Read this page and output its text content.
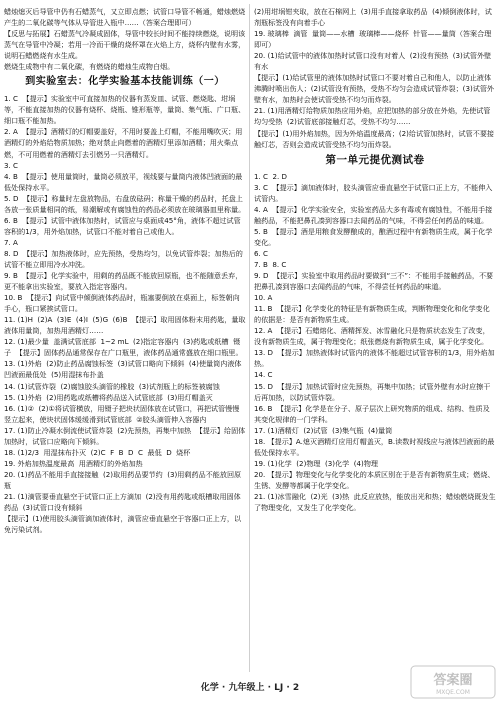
蜡烛熄灭后导管中仍有石蜡蒸气，又立即点燃；试管口导管不畅通，蜡烛燃烧产生的二氧化碳等气体从导管进入瓶中……（答案合理即可）
【反思与拓展】石蜡蒸气冷凝成固体，导管中较长时间不能持续燃烧，说明该蒸气在导管中冷凝；若用一冷而干燥的烧杯罩在火焰上方，烧杯内壁有水雾，说明石蜡燃烧有水生成。
燃烧生成物中有二氧化碳，有燃烧的蜡烛生成物白烟。
到实验室去：化学实验基本技能训练（一）
1. C  【提示】实验室中可直接加热的仪器有蒸发皿、试管、燃烧匙、坩埚等，不能直接加热的仪器有烧杯、烧瓶、锥形瓶等，量筒、集气瓶、广口瓶、细口瓶不能加热。
2. A  【提示】酒精灯的灯帽要盖好，不用时要盖上灯帽，不能用嘴吹灭；用酒精灯的外焰给物质加热；绝对禁止向燃着的酒精灯里添加酒精；用火柴点燃，不可用燃着的酒精灯去引燃另一只酒精灯。
3. C
4. B  【提示】使用量筒时，量筒必须放平，视线要与量筒内液体凹液面的最低处保持水平。
5. D  【提示】称量时左盘放物品，右盘放砝码；称量干燥的药品时，托盘上各放一张质量相同的纸，易潮解或有腐蚀性的药品必须放在玻璃器皿里称量。
6. B  【提示】试管中液体加热时，试管应与桌面成45°角，液体不超过试管容积的1/3，用外焰加热，试管口不能对着自己或他人。
7. A
8. D  【提示】加热液体时，应先预热，受热均匀，以免试管炸裂；加热后的试管不能立即用冷水冲洗。
9. B  【提示】化学实验中，用剩的药品既不能放回原瓶，也不能随意丢弃，更不能拿出实验室，要放入指定容器内。
10. B  【提示】向试管中倾倒液体药品时，瓶塞要倒放在桌面上，标签朝向手心，瓶口紧挨试管口。
11. (1)H  (2)A  (3)E  (4)I  (5)G  (6)B  【提示】取用固体粉末用药匙，量取液体用量筒，加热用酒精灯……
12. (1)最少量  盖满试管底部  1~2 mL  (2)指定容器内  (3)药匙或纸槽  镊子  【提示】固体药品通常保存在广口瓶里，液体药品通常盛放在细口瓶里。
13. (1)外焰  (2)防止药品腐蚀标签  (3)试管口略向下倾斜  (4)使量筒内液体凹液面最低处  (5)用湿抹布扑盖
14. (1)试管炸裂  (2)腐蚀胶头滴管的橡胶  (3)试剂瓶上的标签被腐蚀
15. (1)外焰  (2)用药匙或纸槽将药品送入试管底部  (3)用灯帽盖灭
16. (1)②  (2)①将试管横放，用镊子把块状固体放在试管口，再把试管慢慢竖立起来，使块状固体缓缓滑到试管底部  ②胶头滴管伸入容器内
17. (1)防止冷凝水倒流使试管炸裂  (2)先预热，再集中加热  【提示】给固体加热时，试管口应略向下倾斜。
18. (1)2/3  用湿抹布扑灭  (2)C  F  B  D  C  最低  D  烧杯
19. 外焰加热温度最高  用酒精灯的外焰加热
20. (1)药品不能用手直接接触  (2)取用药品要节约  (3)用剩药品不能放回原瓶
21. (1)滴管要垂直悬空于试管口正上方滴加  (2)没有用药匙或纸槽取用固体药品  (3)试管口没有倾斜
【提示】(1)使用胶头滴管滴加液体时，滴管应垂直悬空于容器口正上方，以免污染试剂。
(2)用坩埚钳夹取，放在石棉网上  (3)用手直接拿取药品  (4)倾倒液体时，试剂瓶标签没有向着手心
19. 玻璃棒  滴管  量筒——水槽  玻璃棒——烧杯  针管——量筒（答案合理即可）
20. (1)给试管中的液体加热时试管口没有对着人  (2)没有预热  (3)试管外壁有水
【提示】(1)给试管里的液体加热时试管口不要对着自己和他人，以防止液体沸腾时喷出伤人；(2)试管没有预热，受热不均匀会造成试管炸裂；(3)试管外壁有水，加热时会使试管受热不均匀而炸裂。
21. (1)用酒精灯给物质加热应用外焰，应把加热的部分放在外焰，先使试管均匀受热  (2)试管底部接触灯芯，受热不均匀……
【提示】(1)用外焰加热，因为外焰温度最高；(2)给试管加热时，试管不要接触灯芯，否则会造成试管受热不均匀而炸裂。
第一单元提优测试卷
1. C  2. D
3. C  【提示】滴加液体时，胶头滴管应垂直悬空于试管口正上方，不能伸入试管内。
4. A  【提示】化学实验安全，实验室药品大多有毒或有腐蚀性，不能用手接触药品，不能把鼻孔凑到容器口去闻药品的气味，不得尝任何药品的味道。
5. B  【提示】酒是用粮食发酵酿成的，酿酒过程中有新物质生成，属于化学变化。
6. C
7. B  8. C
9. D  【提示】实验室中取用药品时要做到“三不”：不能用手接触药品，不要把鼻孔凑到容器口去闻药品的气味，不得尝任何药品的味道。
10. A
11. B  【提示】化学变化的特征是有新物质生成，判断物理变化和化学变化的依据是：是否有新物质生成。
12. A  【提示】石蜡熔化、酒精挥发、冰雪融化只是物质状态发生了改变，没有新物质生成，属于物理变化；纸张燃烧有新物质生成，属于化学变化。
13. D  【提示】加热液体时试管内的液体不能超过试管容积的1/3，用外焰加热。
14. C
15. D  【提示】加热试管时应先预热，再集中加热；试管外壁有水时应擦干后再加热，以防试管炸裂。
16. B  【提示】化学是在分子、原子层次上研究物质的组成、结构、性质及其变化规律的一门学科。
17. (1)酒精灯  (2)试管  (3)集气瓶  (4)量筒
18. 【提示】A.熄灭酒精灯应用灯帽盖灭，B.读数时视线应与液体凹液面的最低处保持水平。
19. (1)化学  (2)物理  (3)化学  (4)物理
20. 【提示】物理变化与化学变化的本质区别在于是否有新物质生成；燃烧、生锈、发酵等都属于化学变化。
21. (1)冰雪融化  (2)光  (3)热  此反应放热，能放出光和热；蜡烛燃烧既发生了物理变化，又发生了化学变化。
化学 · 九年级上 · LJ · 2	答案圈
MXQE.COM
